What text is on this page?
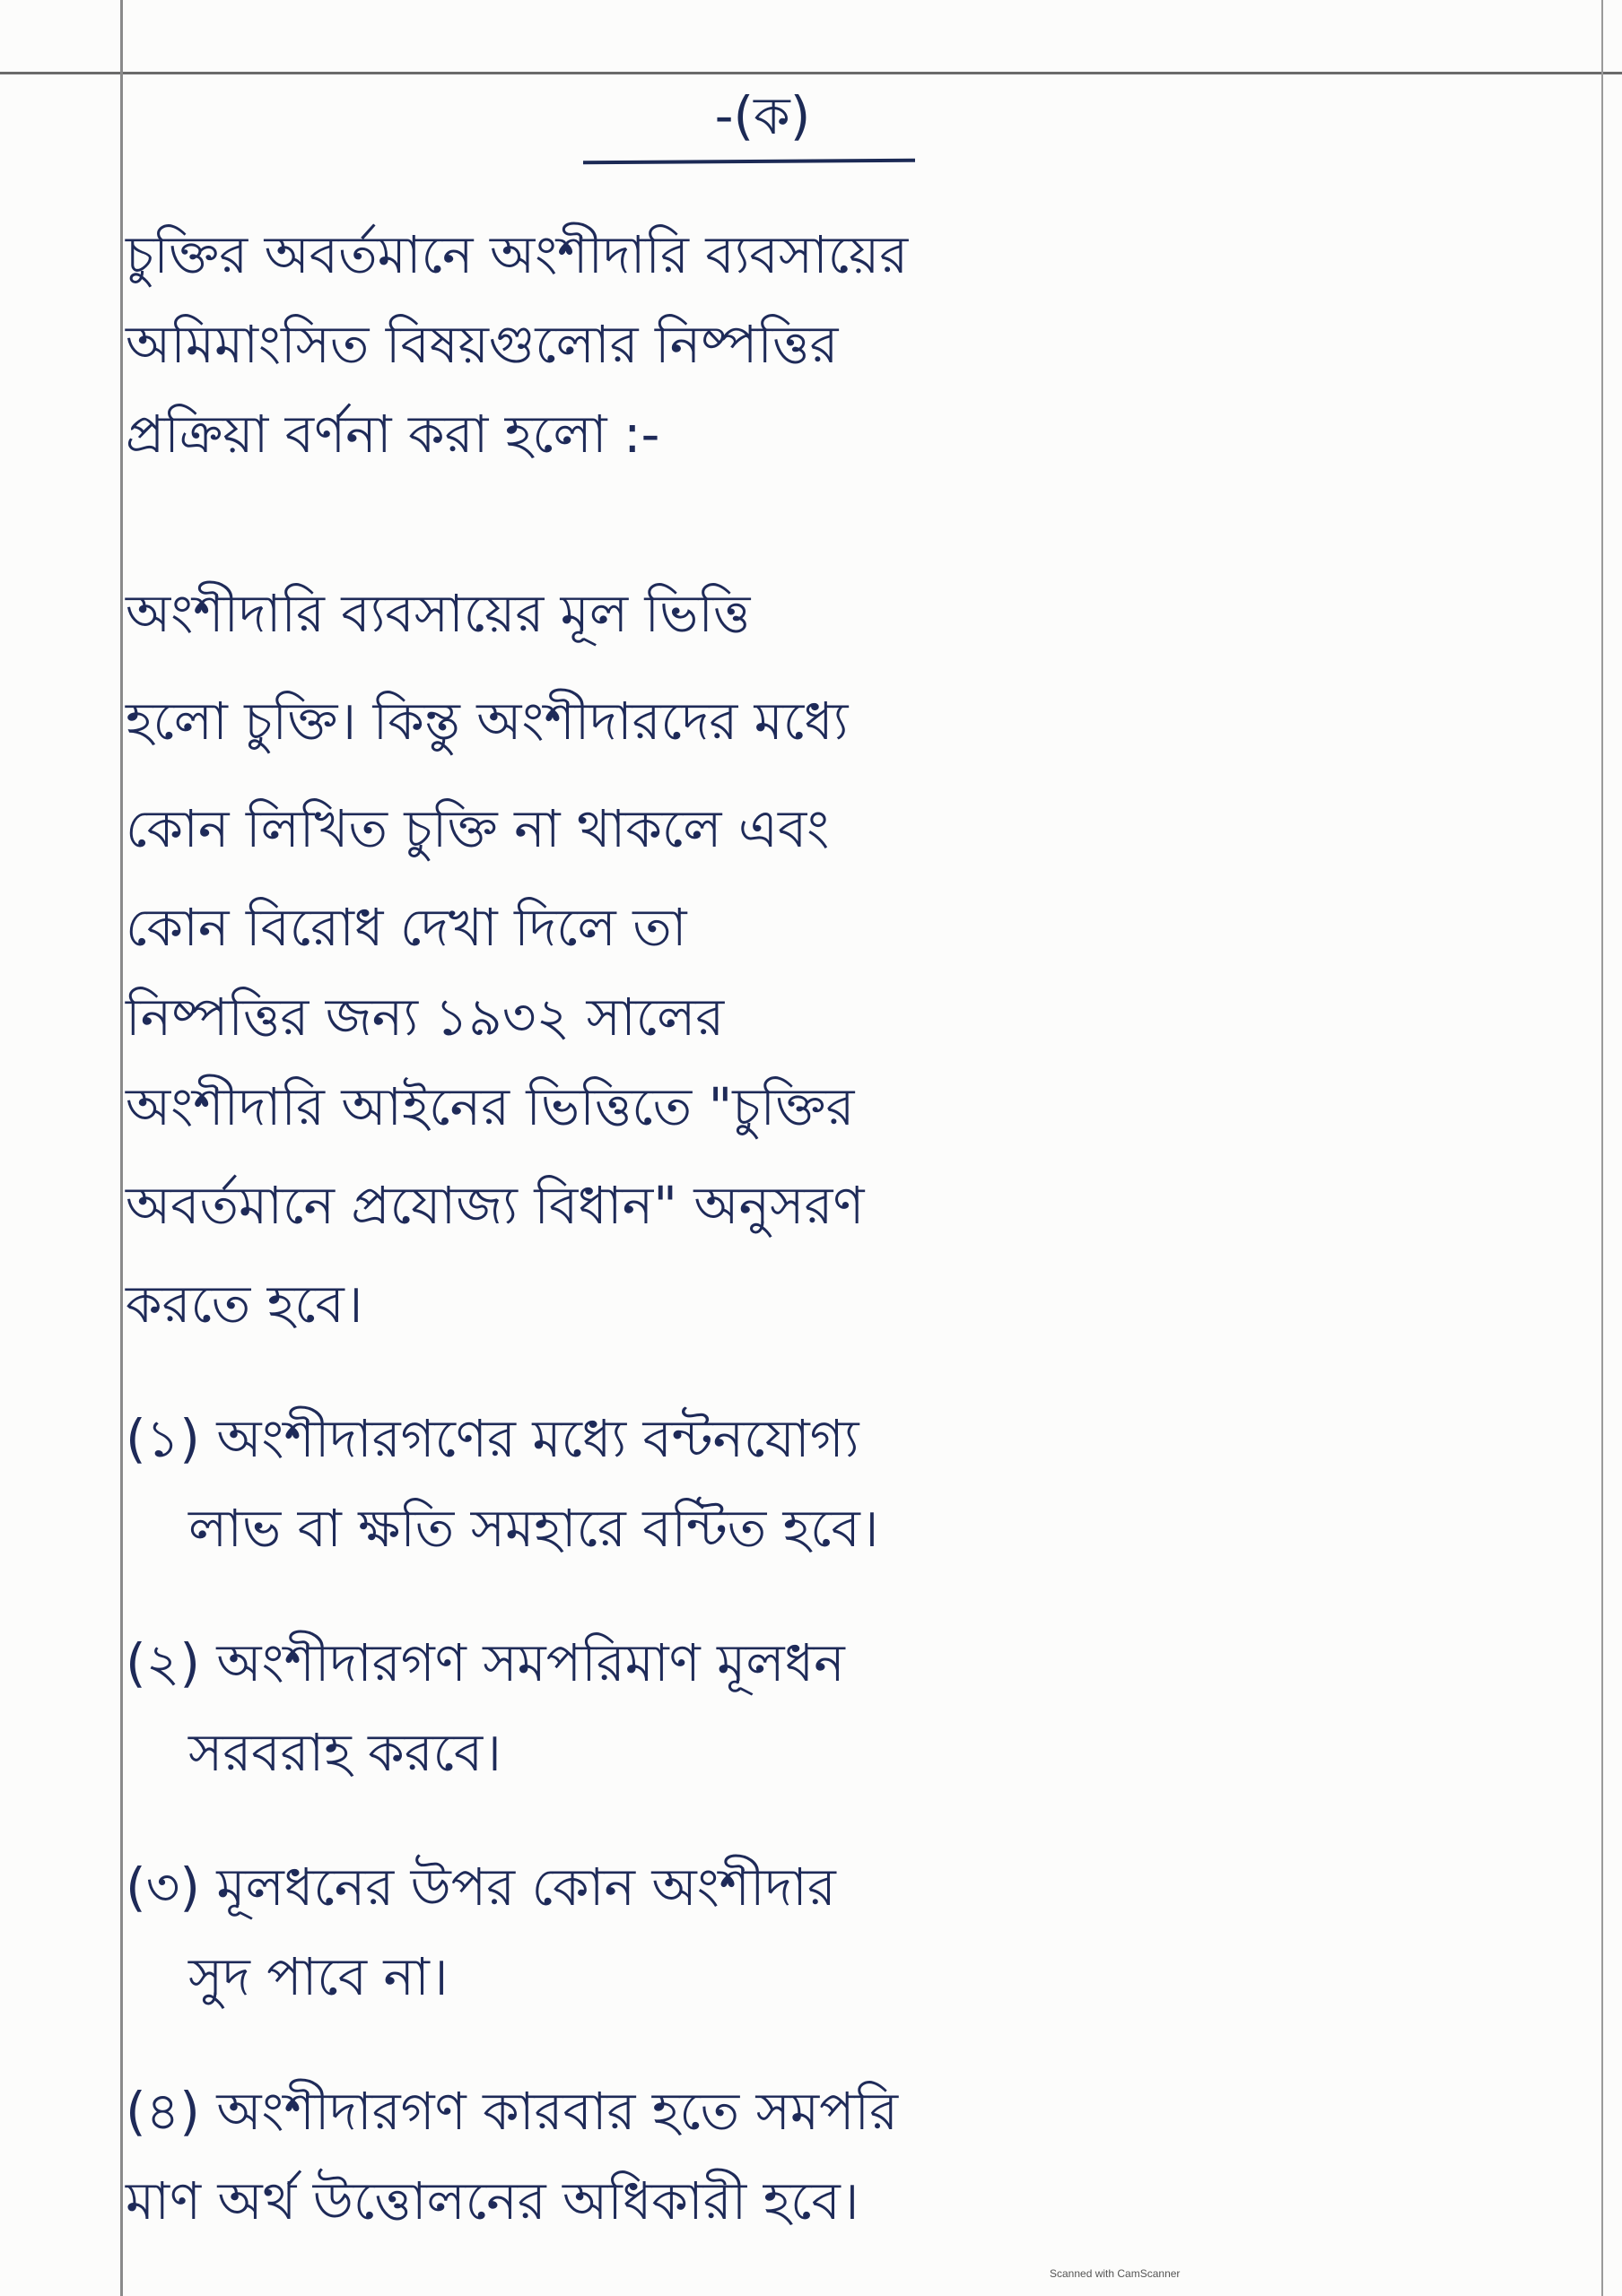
-(ক)
চুক্তির অবর্তমানে অংশীদারি ব্যবসায়ের
অমিমাংসিত বিষয়গুলোর নিষ্পত্তির
প্রক্রিয়া বর্ণনা করা হলো :-
অংশীদারি ব্যবসায়ের মূল ভিত্তি
হলো চুক্তি। কিন্তু অংশীদারদের মধ্যে
কোন লিখিত চুক্তি না থাকলে এবং
কোন বিরোধ দেখা দিলে তা
নিষ্পত্তির জন্য ১৯৩২ সালের
অংশীদারি আইনের ভিত্তিতে "চুক্তির
অবর্তমানে প্রযোজ্য বিধান" অনুসরণ
করতে হবে।
(১) অংশীদারগণের মধ্যে বন্টনযোগ্য
লাভ বা ক্ষতি সমহারে বন্টিত হবে।
(২) অংশীদারগণ সমপরিমাণ মূলধন
সরবরাহ করবে।
(৩) মূলধনের উপর কোন অংশীদার
সুদ পাবে না।
(৪) অংশীদারগণ কারবার হতে সমপরি
মাণ অর্থ উত্তোলনের অধিকারী হবে।
Scanned with CamScanner
